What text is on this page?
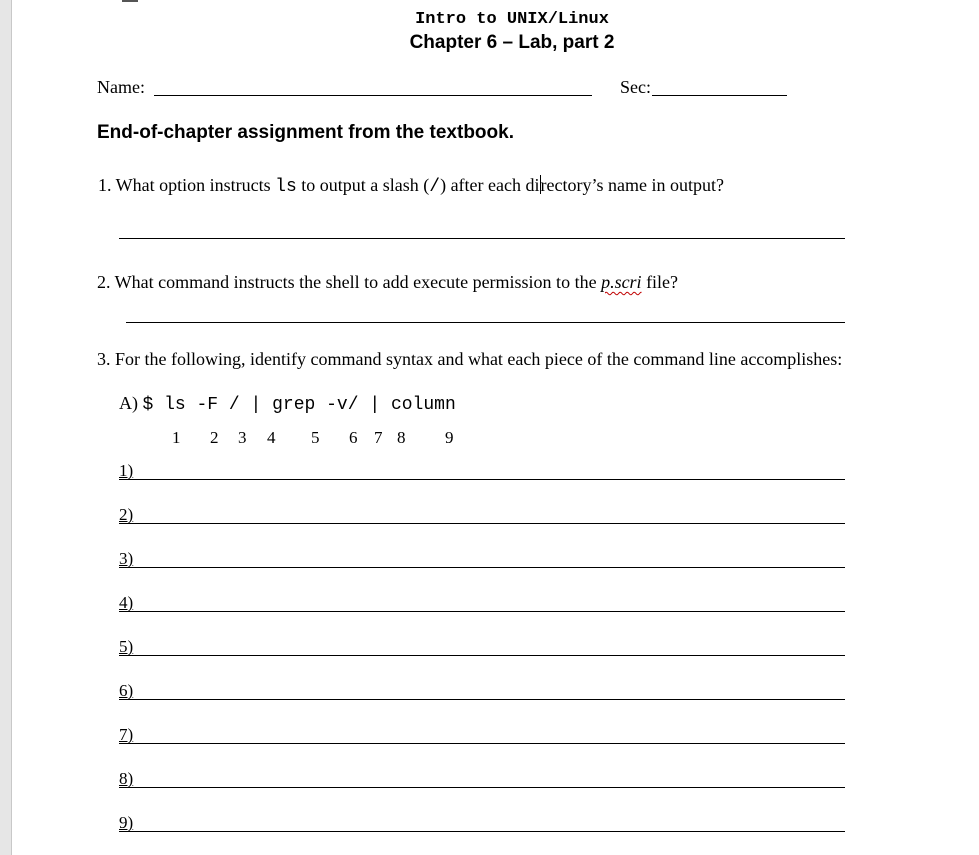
Intro to UNIX/Linux
Chapter 6 – Lab, part 2
Name:	Sec:
End-of-chapter assignment from the textbook.
1. What option instructs ls to output a slash (/) after each directory’s name in output?
2. What command instructs the shell to add execute permission to the p.scri file?
3. For the following, identify command syntax and what each piece of the command line accomplishes:
A) $ ls -F / | grep -v/ | column
1 2 3 4 5 6 7 8 9
1)
2)
3)
4)
5)
6)
7)
8)
9)
